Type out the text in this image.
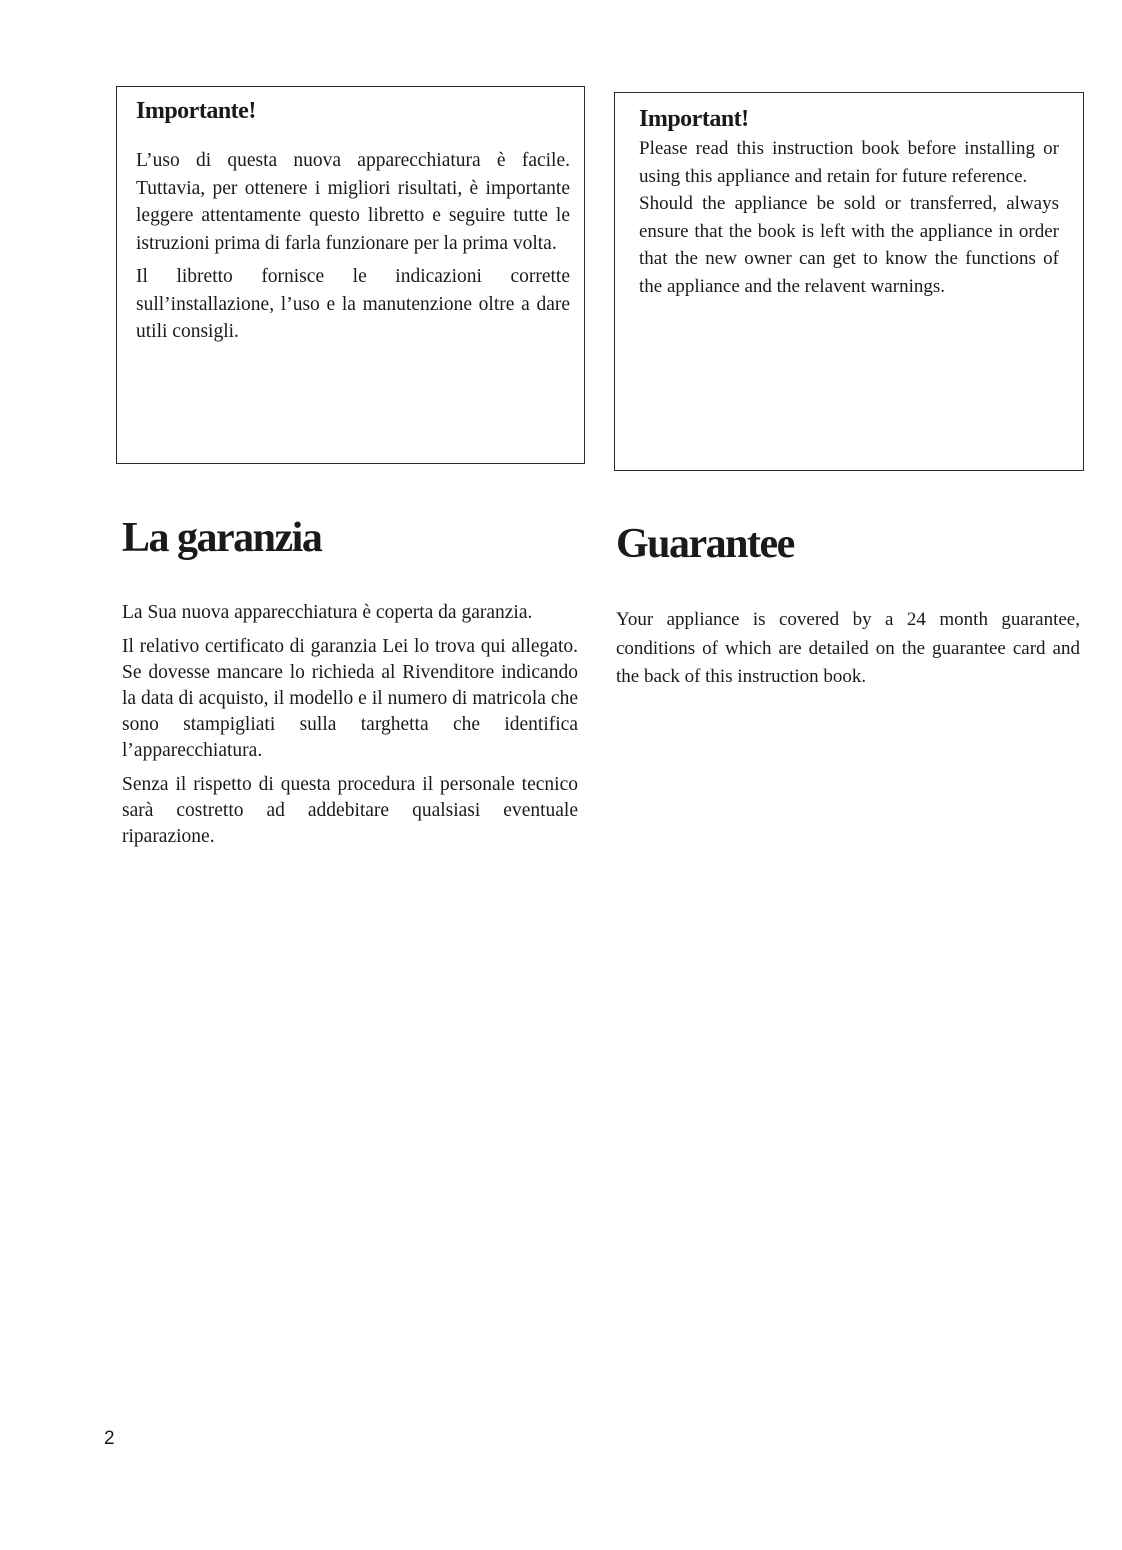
Importante!

L’uso di questa nuova apparecchiatura è facile. Tuttavia, per ottenere i migliori risultati, è importante leggere attentamente questo libretto e seguire tutte le istruzioni prima di farla funzionare per la prima volta.

Il libretto fornisce le indicazioni corrette sull’installazione, l’uso e la manutenzione oltre a dare utili consigli.

Important!

Please read this instruction book before installing or using this appliance and retain for future reference.

Should the appliance be sold or transferred, always ensure that the book is left with the appliance in order that the new owner can get to know the functions of the appliance and the relavent warnings.

La garanzia

La Sua nuova apparecchiatura è coperta da garanzia.

Il relativo certificato di garanzia Lei lo trova qui allegato. Se dovesse mancare lo richieda al Rivenditore indicando la data di acquisto, il modello e il numero di matricola che sono stampigliati sulla targhetta che identifica l’apparecchiatura.

Senza il rispetto di questa procedura il personale tecnico sarà costretto ad addebitare qualsiasi eventuale riparazione.

Guarantee

Your appliance is covered by a 24 month guarantee, conditions of which are detailed on the guarantee card and the back of this instruction book.

2
